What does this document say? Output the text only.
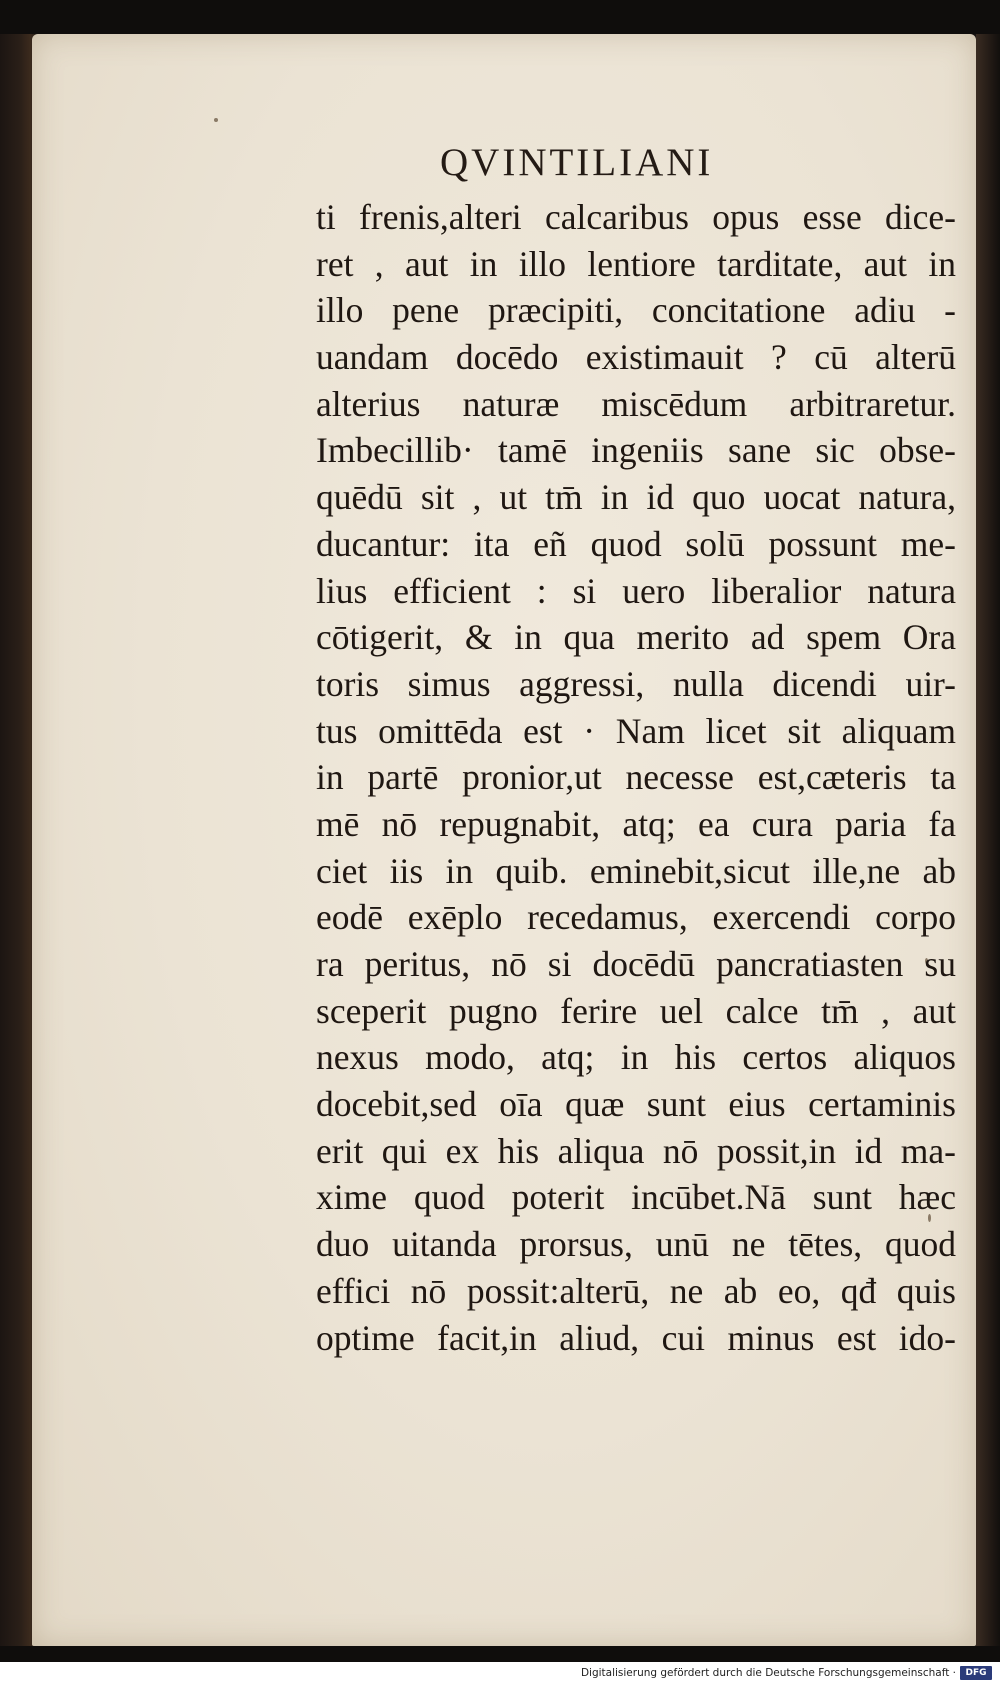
QVINTILIANI
ti frenis,alteri calcaribus opus esse dice-
ret , aut in illo lentiore tarditate, aut in
illo pene præcipiti, concitatione adiu -
uandam docēdo existimauit ? cū alterū
alterius naturæ miscēdum arbitraretur.
Imbecillib· tamē ingeniis sane sic obse-
quēdū sit , ut tm̄ in id quo uocat natura,
ducantur: ita eñ quod solū possunt me-
lius efficient : si uero liberalior natura
cōtigerit, & in qua merito ad spem Ora
toris simus aggressi, nulla dicendi uir-
tus omittēda est · Nam licet sit aliquam
in partē pronior,ut necesse est,cæteris ta
mē nō repugnabit, atq; ea cura paria fa
ciet iis in quib. eminebit,sicut ille,ne ab
eodē exēplo recedamus, exercendi corpo
ra peritus, nō si docēdū pancratiasten su
sceperit pugno ferire uel calce tm̄ , aut
nexus modo, atq; in his certos aliquos
docebit,sed oīa quæ sunt eius certaminis
erit qui ex his aliqua nō possit,in id ma-
xime quod poterit incūbet.Nā sunt hæc
duo uitanda prorsus, unū ne tētes, quod
effici nō possit:alterū, ne ab eo, qđ quis
optime facit,in aliud, cui minus est ido-
Digitalisierung gefördert durch die Deutsche Forschungsgemeinschaft ·	DFG
